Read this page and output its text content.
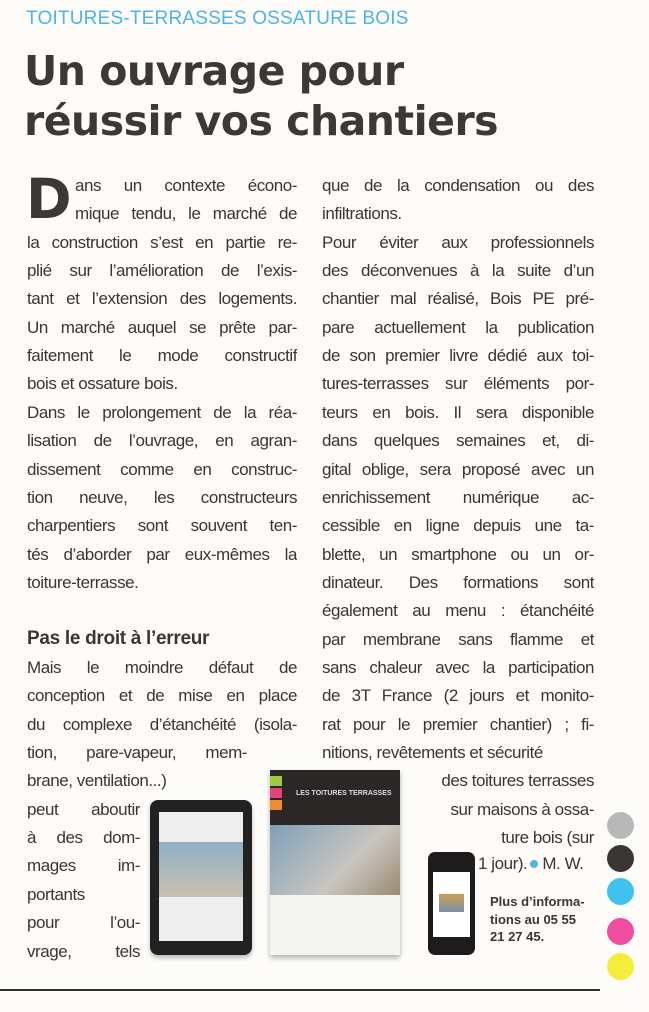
TOITURES-TERRASSES OSSATURE BOIS
Un ouvrage pour
réussir vos chantiers
D ans un contexte écono-
mique tendu, le marché de
la construction s’est en partie re-
plié sur l’amélioration de l’exis-
tant et l’extension des logements.
Un marché auquel se prête par-
faitement le mode constructif
bois et ossature bois.
Dans le prolongement de la réa-
lisation de l’ouvrage, en agran-
dissement comme en construc-
tion neuve, les constructeurs
charpentiers sont souvent ten-
tés d’aborder par eux-mêmes la
toiture-terrasse.
Mais le moindre défaut de
conception et de mise en place
du complexe d’étanchéité (isola-
tion, pare-vapeur, mem-
brane, ventilation...)
peut aboutir
à des dom-
mages im-
portants
pour l’ou-
vrage, tels
que de la condensation ou des
infiltrations.
Pour éviter aux professionnels
des déconvenues à la suite d’un
chantier mal réalisé, Bois PE pré-
pare actuellement la publication
de son premier livre dédié aux toi-
tures-terrasses sur éléments por-
teurs en bois. Il sera disponible
dans quelques semaines et, di-
gital oblige, sera proposé avec un
enrichissement numérique ac-
cessible en ligne depuis une ta-
blette, un smartphone ou un or-
dinateur. Des formations sont
également au menu : étanchéité
par membrane sans flamme et
sans chaleur avec la participation
de 3T France (2 jours et monito-
rat pour le premier chantier) ; fi-
nitions, revêtements et sécurité
des toitures terrasses
sur maisons à ossa-
ture bois (sur
Pas le droit à l’erreur
LES TOITURES TERRASSES
1 jour). M. W.
Plus d’informa-
tions au 05 55
21 27 45.
